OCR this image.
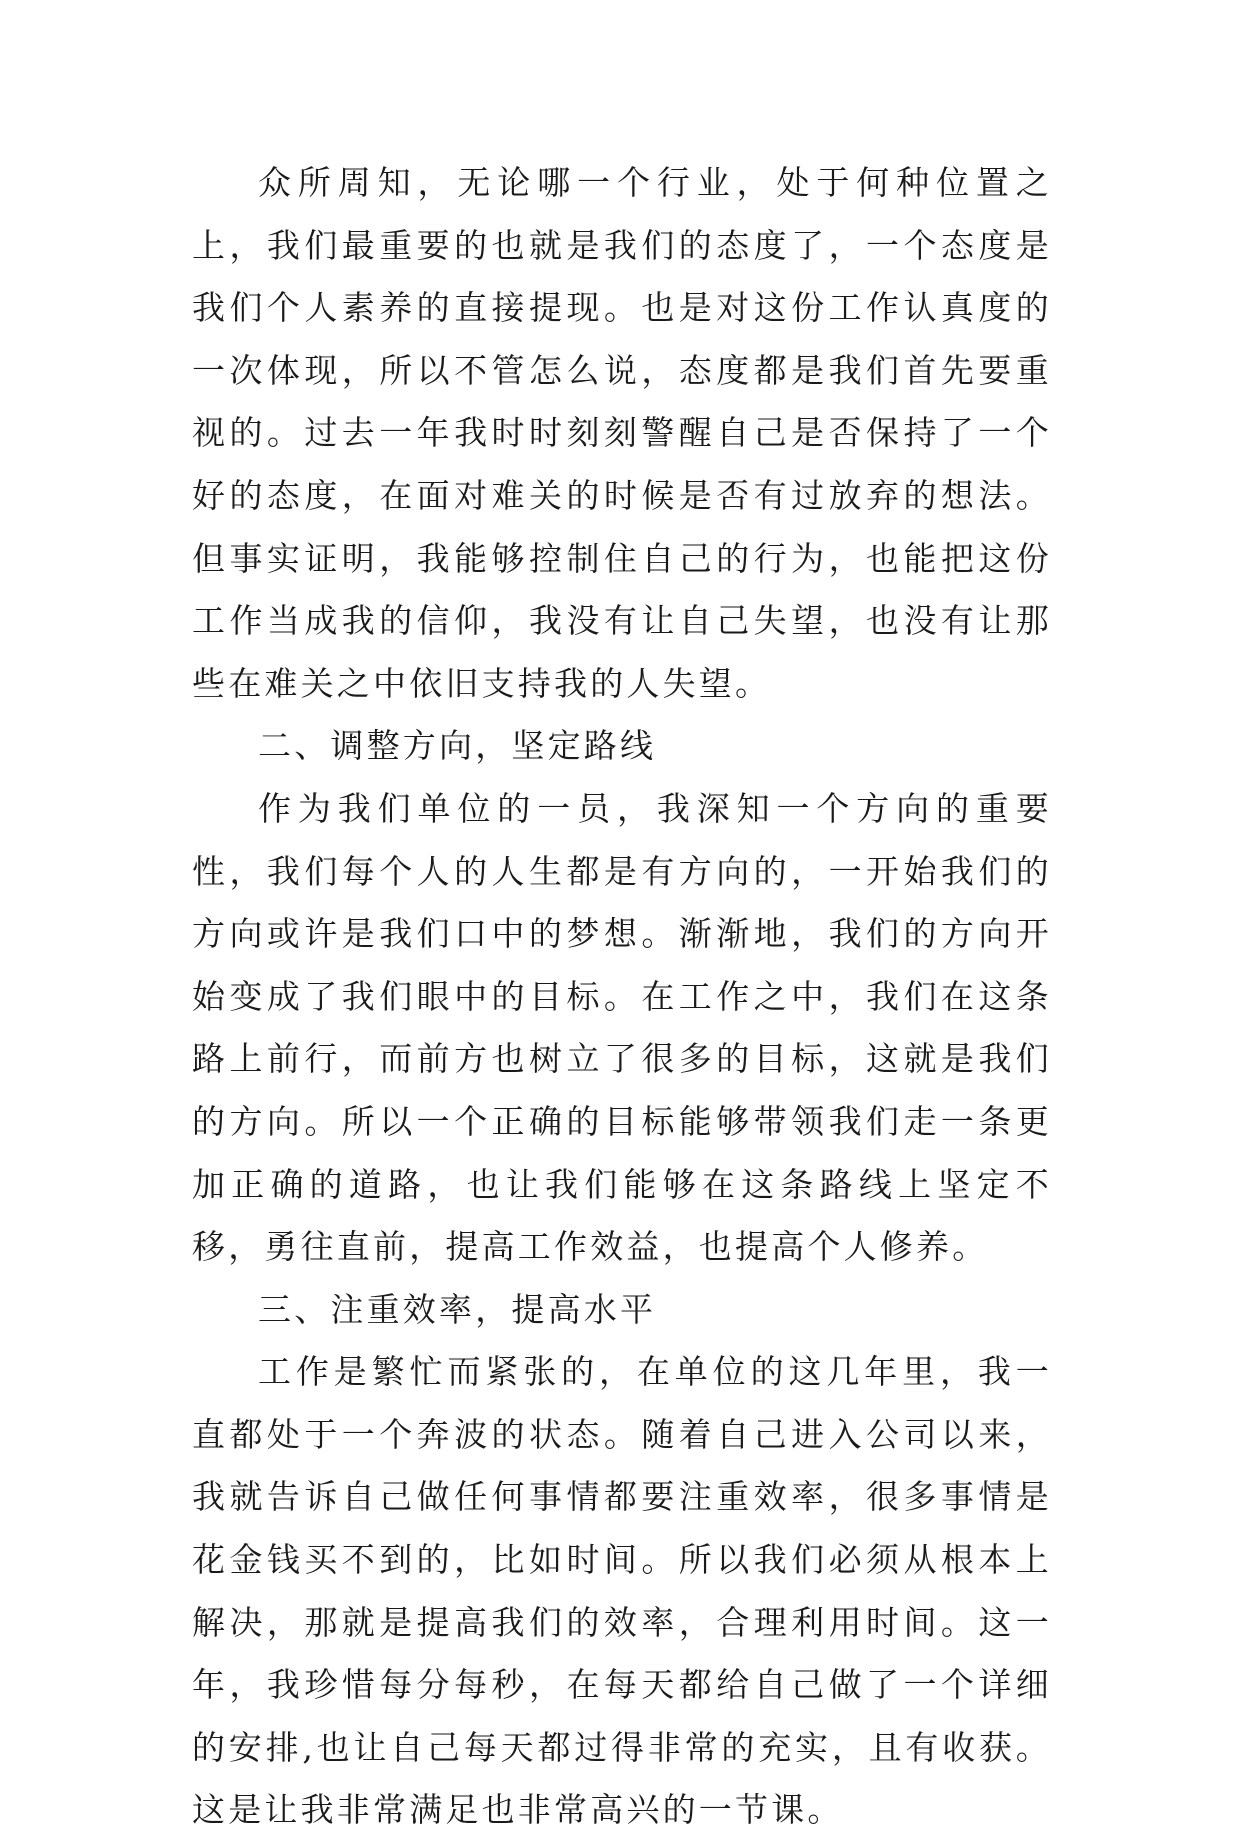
众所周知，无论哪一个行业，处于何种位置之上，我们最重要的也就是我们的态度了，一个态度是我们个人素养的直接提现。也是对这份工作认真度的一次体现，所以不管怎么说，态度都是我们首先要重视的。过去一年我时时刻刻警醒自己是否保持了一个好的态度，在面对难关的时候是否有过放弃的想法。但事实证明，我能够控制住自己的行为，也能把这份工作当成我的信仰，我没有让自己失望，也没有让那些在难关之中依旧支持我的人失望。

二、调整方向，坚定路线

作为我们单位的一员，我深知一个方向的重要性，我们每个人的人生都是有方向的，一开始我们的方向或许是我们口中的梦想。渐渐地，我们的方向开始变成了我们眼中的目标。在工作之中，我们在这条路上前行，而前方也树立了很多的目标，这就是我们的方向。所以一个正确的目标能够带领我们走一条更加正确的道路，也让我们能够在这条路线上坚定不移，勇往直前，提高工作效益，也提高个人修养。

三、注重效率，提高水平

工作是繁忙而紧张的，在单位的这几年里，我一直都处于一个奔波的状态。随着自己进入公司以来，我就告诉自己做任何事情都要注重效率，很多事情是花金钱买不到的，比如时间。所以我们必须从根本上解决，那就是提高我们的效率，合理利用时间。这一年，我珍惜每分每秒，在每天都给自己做了一个详细的安排,也让自己每天都过得非常的充实，且有收获。这是让我非常满足也非常高兴的一节课。
